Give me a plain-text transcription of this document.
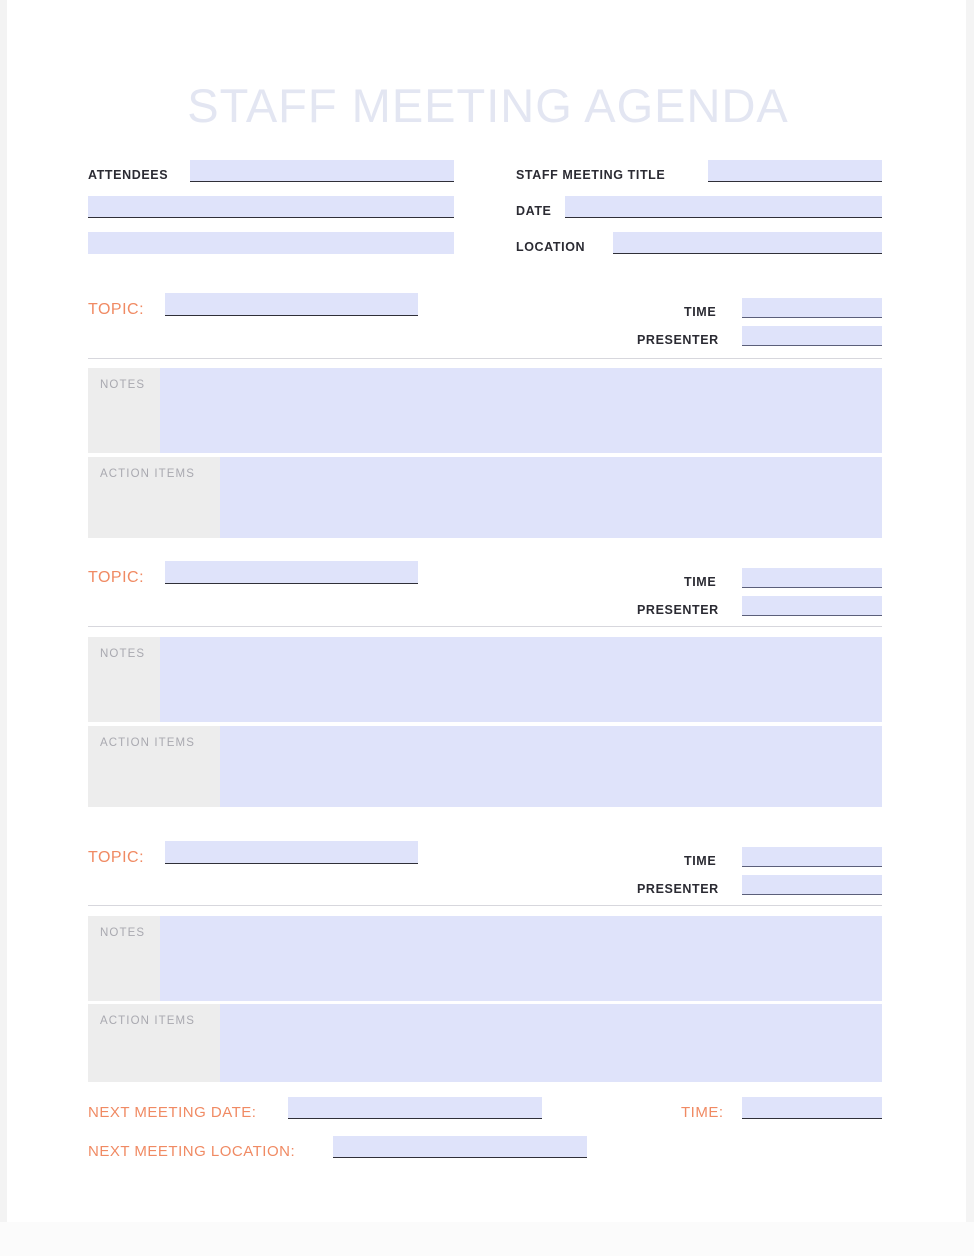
STAFF MEETING AGENDA
ATTENDEES	STAFF MEETING TITLE
DATE
LOCATION
TOPIC:	TIME
PRESENTER
NOTES
ACTION ITEMS
TOPIC:	TIME
PRESENTER
NOTES
ACTION ITEMS
TOPIC:	TIME
PRESENTER
NOTES
ACTION ITEMS
NEXT MEETING DATE:	TIME:
NEXT MEETING LOCATION:
